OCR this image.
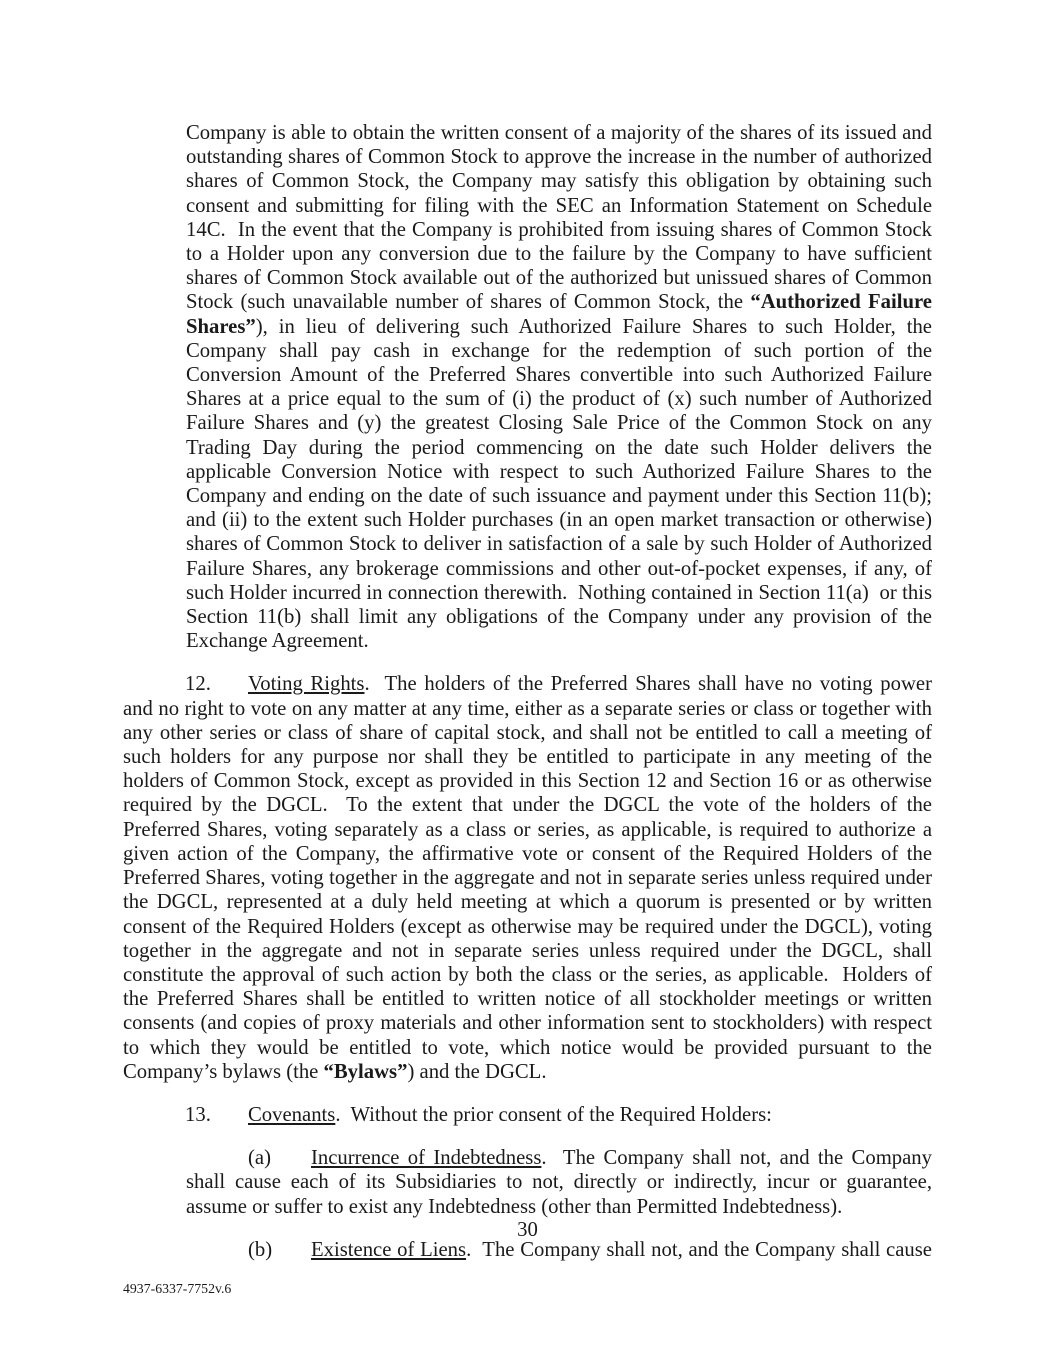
Company is able to obtain the written consent of a majority of the shares of its issued and outstanding shares of Common Stock to approve the increase in the number of authorized shares of Common Stock, the Company may satisfy this obligation by obtaining such consent and submitting for filing with the SEC an Information Statement on Schedule 14C.  In the event that the Company is prohibited from issuing shares of Common Stock to a Holder upon any conversion due to the failure by the Company to have sufficient shares of Common Stock available out of the authorized but unissued shares of Common Stock (such unavailable number of shares of Common Stock, the “Authorized Failure Shares”), in lieu of delivering such Authorized Failure Shares to such Holder, the Company shall pay cash in exchange for the redemption of such portion of the Conversion Amount of the Preferred Shares convertible into such Authorized Failure Shares at a price equal to the sum of (i) the product of (x) such number of Authorized Failure Shares and (y) the greatest Closing Sale Price of the Common Stock on any Trading Day during the period commencing on the date such Holder delivers the applicable Conversion Notice with respect to such Authorized Failure Shares to the Company and ending on the date of such issuance and payment under this Section 11(b); and (ii) to the extent such Holder purchases (in an open market transaction or otherwise) shares of Common Stock to deliver in satisfaction of a sale by such Holder of Authorized Failure Shares, any brokerage commissions and other out-of-pocket expenses, if any, of such Holder incurred in connection therewith.  Nothing contained in Section 11(a)  or this Section 11(b) shall limit any obligations of the Company under any provision of the Exchange Agreement.

12. Voting Rights.  The holders of the Preferred Shares shall have no voting power and no right to vote on any matter at any time, either as a separate series or class or together with any other series or class of share of capital stock, and shall not be entitled to call a meeting of such holders for any purpose nor shall they be entitled to participate in any meeting of the holders of Common Stock, except as provided in this Section 12 and Section 16 or as otherwise required by the DGCL.  To the extent that under the DGCL the vote of the holders of the Preferred Shares, voting separately as a class or series, as applicable, is required to authorize a given action of the Company, the affirmative vote or consent of the Required Holders of the Preferred Shares, voting together in the aggregate and not in separate series unless required under the DGCL, represented at a duly held meeting at which a quorum is presented or by written consent of the Required Holders (except as otherwise may be required under the DGCL), voting together in the aggregate and not in separate series unless required under the DGCL, shall constitute the approval of such action by both the class or the series, as applicable.  Holders of the Preferred Shares shall be entitled to written notice of all stockholder meetings or written consents (and copies of proxy materials and other information sent to stockholders) with respect to which they would be entitled to vote, which notice would be provided pursuant to the Company’s bylaws (the “Bylaws”) and the DGCL.

13. Covenants.  Without the prior consent of the Required Holders:

(a) Incurrence of Indebtedness.  The Company shall not, and the Company shall cause each of its Subsidiaries to not, directly or indirectly, incur or guarantee, assume or suffer to exist any Indebtedness (other than Permitted Indebtedness).

(b) Existence of Liens.  The Company shall not, and the Company shall cause

30
4937-6337-7752v.6
